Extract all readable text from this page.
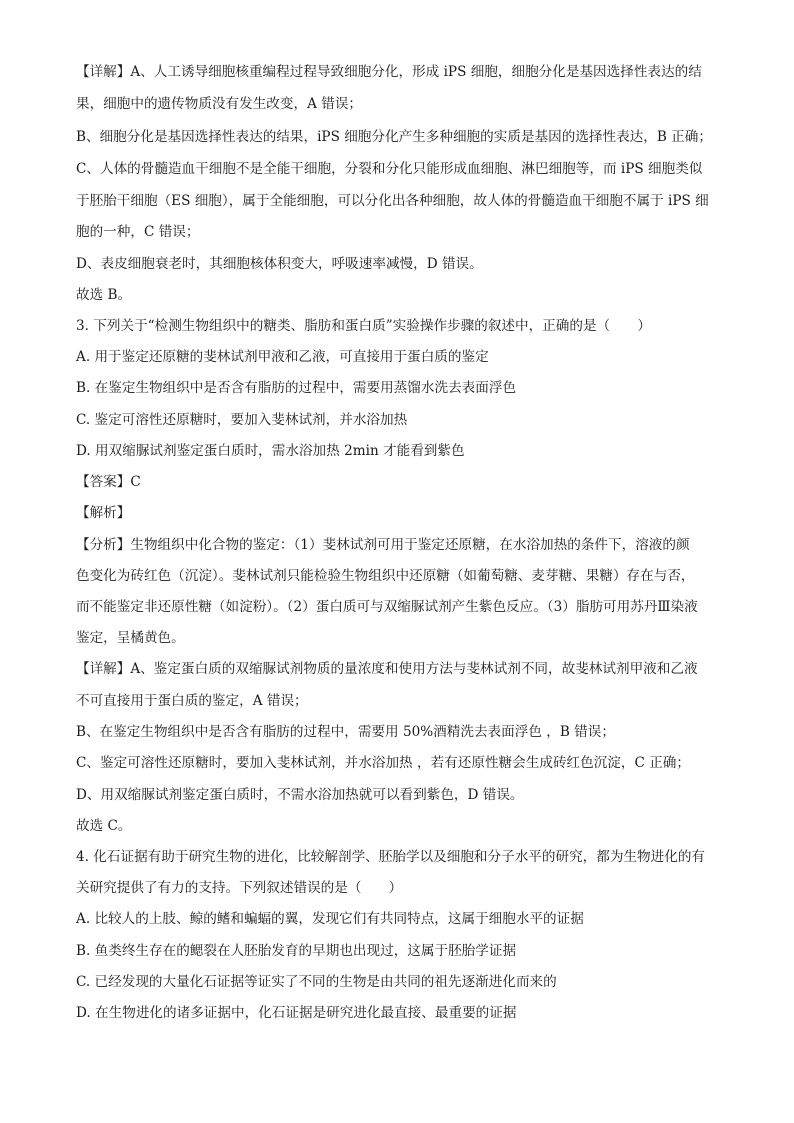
【详解】A、人工诱导细胞核重编程过程导致细胞分化，形成 iPS 细胞，细胞分化是基因选择性表达的结
果，细胞中的遗传物质没有发生改变，A 错误；
B、细胞分化是基因选择性表达的结果，iPS 细胞分化产生多种细胞的实质是基因的选择性表达，B 正确；
C、人体的骨髓造血干细胞不是全能干细胞，分裂和分化只能形成血细胞、淋巴细胞等，而 iPS 细胞类似
于胚胎干细胞（ES 细胞），属于全能细胞，可以分化出各种细胞，故人体的骨髓造血干细胞不属于 iPS 细
胞的一种，C 错误；
D、表皮细胞衰老时，其细胞核体积变大，呼吸速率减慢，D 错误。
故选 B。
3. 下列关于“检测生物组织中的糖类、脂肪和蛋白质”实验操作步骤的叙述中，正确的是（　　）
A. 用于鉴定还原糖的斐林试剂甲液和乙液，可直接用于蛋白质的鉴定
B. 在鉴定生物组织中是否含有脂肪的过程中，需要用蒸馏水洗去表面浮色
C. 鉴定可溶性还原糖时，要加入斐林试剂，并水浴加热
D. 用双缩脲试剂鉴定蛋白质时，需水浴加热 2min 才能看到紫色
【答案】C
【解析】
【分析】生物组织中化合物的鉴定：（1）斐林试剂可用于鉴定还原糖，在水浴加热的条件下，溶液的颜
色变化为砖红色（沉淀）。斐林试剂只能检验生物组织中还原糖（如葡萄糖、麦芽糖、果糖）存在与否，
而不能鉴定非还原性糖（如淀粉）。（2）蛋白质可与双缩脲试剂产生紫色反应。（3）脂肪可用苏丹Ⅲ染液
鉴定，呈橘黄色。
【详解】A、鉴定蛋白质的双缩脲试剂物质的量浓度和使用方法与斐林试剂不同，故斐林试剂甲液和乙液
不可直接用于蛋白质的鉴定，A 错误；
B、在鉴定生物组织中是否含有脂肪的过程中，需要用 50%酒精洗去表面浮色 ，B 错误；
C、鉴定可溶性还原糖时，要加入斐林试剂，并水浴加热 ，若有还原性糖会生成砖红色沉淀，C 正确；
D、用双缩脲试剂鉴定蛋白质时，不需水浴加热就可以看到紫色，D 错误。
故选 C。
4. 化石证据有助于研究生物的进化，比较解剖学、胚胎学以及细胞和分子水平的研究，都为生物进化的有
关研究提供了有力的支持。下列叙述错误的是（　　）
A. 比较人的上肢、鲸的鳍和蝙蝠的翼，发现它们有共同特点，这属于细胞水平的证据
B. 鱼类终生存在的鳃裂在人胚胎发育的早期也出现过，这属于胚胎学证据
C. 已经发现的大量化石证据等证实了不同的生物是由共同的祖先逐渐进化而来的
D. 在生物进化的诸多证据中，化石证据是研究进化最直接、最重要的证据
